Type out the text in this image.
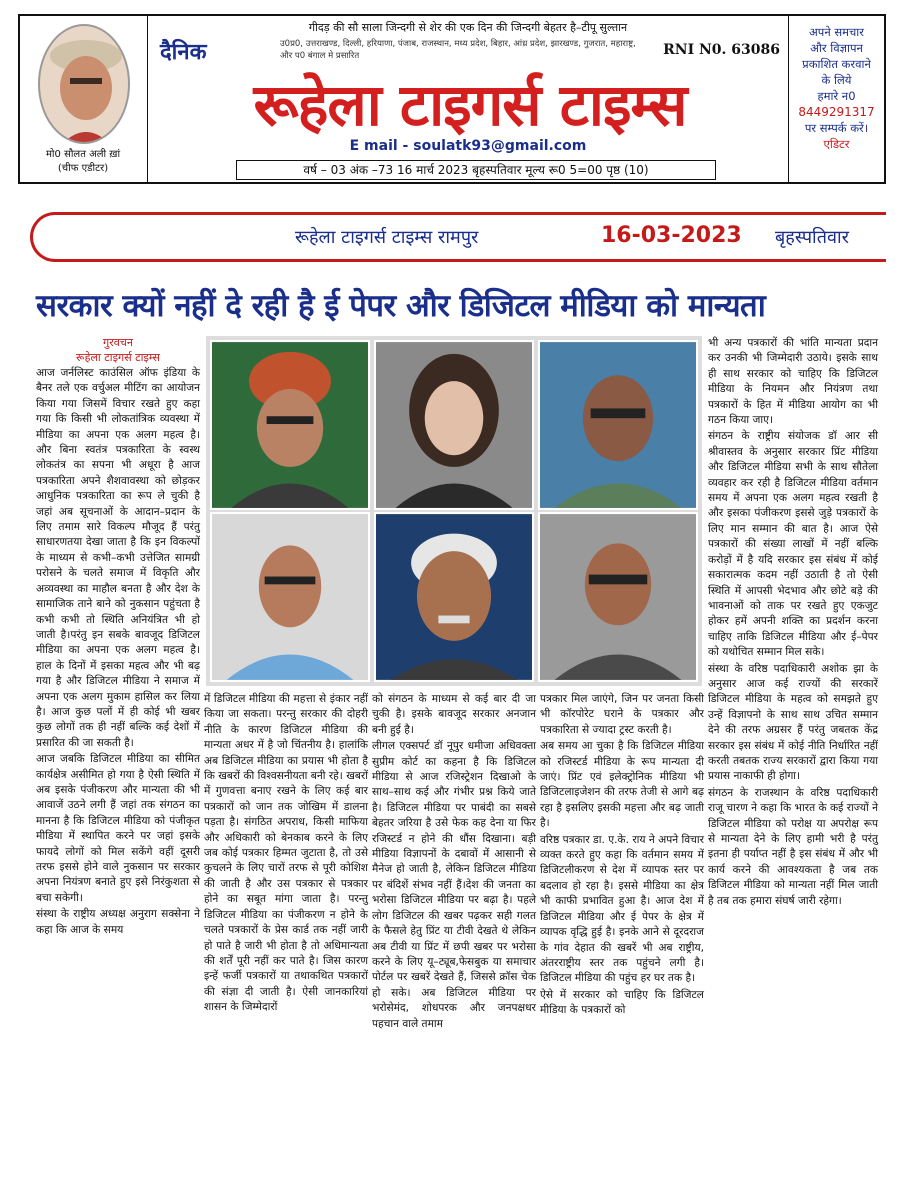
मो0 सौलत अली ख़ां
(चीफ एडीटर)
गीदड़ की सौ साला जिन्दगी से शेर की एक दिन की जिन्दगी बेहतर है–टीपू सुल्तान
दैनिक	उ0प्र0, उत्तराखण्ड, दिल्ली, हरियाणा, पंजाब, राजस्थान, मध्य प्रदेश, बिहार, आंध्र प्रदेश, झारखण्ड, गुजरात, महाराष्ट्र, और प0 बंगाल मे प्रसारित	RNI N0. 63086
रूहेला टाइगर्स टाइम्स
E mail - soulatk93@gmail.com
वर्ष – 03 अंक –73 16 मार्च 2023 बृहस्पतिवार मूल्य रू0 5=00 पृष्ठ (10)
अपने समचार
और विज्ञापन
प्रकाशित करवाने
के लिये
हमारे न0
8449291317
पर सम्पर्क करें।
एडिटर
रूहेला टाइगर्स टाइम्स रामपुर	16-03-2023 बृहस्पतिवार
सरकार क्यों नहीं दे रही है ई पेपर और डिजिटल मीडिया को मान्यता
गुरवचन
रूहेला टाइगर्स टाइम्स

आज जर्नलिस्ट काउंसिल ऑफ इंडिया के बैनर तले एक वर्चुअल मीटिंग का आयोजन किया गया जिसमें विचार रखते हुए कहा गया कि किसी भी लोकतांत्रिक व्यवस्था में मीडिया का अपना एक अलग महत्व है। और बिना स्वतंत्र पत्रकारिता के स्वस्थ लोकतंत्र का सपना भी अधूरा है आज पत्रकारिता अपने शैशवावस्था को छोड़कर आधुनिक पत्रकारिता का रूप ले चुकी है जहां अब सूचनाओं के आदान–प्रदान के लिए तमाम सारे विकल्प मौजूद हैं परंतु साधारणतया देखा जाता है कि इन विकल्पों के माध्यम से कभी–कभी उत्तेजित सामग्री परोसने के चलते समाज में विकृति और अव्यवस्था का माहौल बनता है और देश के सामाजिक ताने बाने को नुकसान पहुंचता है कभी कभी तो स्थिति अनियंत्रित भी हो जाती है।परंतु इन सबके बावजूद डिजिटल मीडिया का अपना एक अलग महत्व है। हाल के दिनों में इसका महत्व और भी बढ़ गया है और डिजिटल मीडिया ने समाज में अपना एक अलग मुकाम हासिल कर लिया है। आज कुछ पलों में ही कोई भी खबर कुछ लोगों तक ही नहीं बल्कि कई देशों में प्रसारित की जा सकती है।

आज जबकि डिजिटल मीडिया का सीमित कार्यक्षेत्र असीमित हो गया है ऐसी स्थिति में अब इसके पंजीकरण और मान्यता की भी आवाजें उठने लगी हैं जहां तक संगठन का मानना है कि डिजिटल मीडिया को पंजीकृत मीडिया में स्थापित करने पर जहां इसके फायदे लोगों को मिल सकेंगे वहीं दूसरी तरफ इससे होने वाले नुकसान पर सरकार अपना नियंत्रण बनाते हुए इसे निरंकुशता से बचा सकेगी।

संस्था के राष्ट्रीय अध्यक्ष अनुराग सक्सेना ने कहा कि आज के समय

में डिजिटल मीडिया की महत्ता से इंकार नहीं किया जा सकता। परन्तु सरकार की दोहरी नीति के कारण डिजिटल मीडिया की मान्यता अधर में है जो चिंतनीय है। हालांकि अब डिजिटल मीडिया का प्रयास भी होता है कि खबरों की विश्वसनीयता बनी रहे। खबरों में गुणवत्ता बनाए रखने के लिए कई बार पत्रकारों को जान तक जोखिम में डालना पड़ता है। संगठित अपराध, किसी माफिया और अधिकारी को बेनकाब करने के लिए जब कोई पत्रकार हिम्मत जुटाता है, तो उसे कुचलने के लिए चारों तरफ से पूरी कोशिश की जाती है और उस पत्रकार से पत्रकार होने का सबूत मांगा जाता है। परन्तु डिजिटल मीडिया का पंजीकरण न होने के चलते पत्रकारों के प्रेस कार्ड तक नहीं जारी हो पाते है जारी भी होता है तो अधिमान्यता की शर्तें पूरी नहीं कर पाते है। जिस कारण इन्हें फर्जी पत्रकारों या तथाकथित पत्रकारों की संज्ञा दी जाती है। ऐसी जानकारियां शासन के जिम्मेदारों

को संगठन के माध्यम से कई बार दी जा चुकी है। इसके बावजूद सरकार अनजान बनी हुई है।

लीगल एक्सपर्ट डॉ नूपुर धमीजा अधिवक्ता सुप्रीम कोर्ट का कहना है कि डिजिटल मीडिया से आज रजिस्ट्रेशन दिखाओ के साथ–साथ कई और गंभीर प्रश्न किये जाते है। डिजिटल मीडिया पर पाबंदी का सबसे बेहतर जरिया है उसे फेक कह देना या फिर रजिस्टर्ड न होने की धौंस दिखाना। बड़ी मीडिया विज्ञापनों के दबावों में आसानी से मैनेज हो जाती है, लेकिन डिजिटल मीडिया पर बंदिशें संभव नहीं हैं।देश की जनता का भरोसा डिजिटल मीडिया पर बढ़ा है। पहले लोग डिजिटल की खबर पढ़कर सही गलत के फैसले हेतु प्रिंट या टीवी देखते थे लेकिन अब टीवी या प्रिंट में छपी खबर पर भरोसा करने के लिए यू–ट्यूब,फेसबुक या समाचार पोर्टल पर खबरें देखते हैं, जिससे क्रॉस चेक हो सके। अब डिजिटल मीडिया पर भरोसेमंद, शोधपरक और जनपक्षधर पहचान वाले तमाम

पत्रकार मिल जाएंगे, जिन पर जनता किसी भी कॉरपोरेट घराने के पत्रकार और पत्रकारिता से ज्यादा ट्रस्ट करती है।

अब समय आ चुका है कि डिजिटल मीडिया को रजिस्टर्ड मीडिया के रूप मान्यता दी जाएं। प्रिंट एवं इलेक्ट्रोनिक मीडिया भी डिजिटलाइजेशन की तरफ तेजी से आगे बढ़ रहा है इसलिए इसकी महत्ता और बढ़ जाती है।

वरिष्ठ पत्रकार डा. ए.के. राय ने अपने विचार व्यक्त करते हुए कहा कि वर्तमान समय में डिजिटलीकरण से देश में व्यापक स्तर पर बदलाव हो रहा है। इससे मीडिया का क्षेत्र भी काफी प्रभावित हुआ है। आज देश में डिजिटल मीडिया और ई पेपर के क्षेत्र में व्यापक वृद्धि हुई है। इनके आने से दूरदराज के गांव देहात की खबरें भी अब राष्ट्रीय, अंतरराष्ट्रीय स्तर तक पहुंचने लगी है। डिजिटल मीडिया की पहुंच हर घर तक है।

ऐसे में सरकार को चाहिए कि डिजिटल मीडिया के पत्रकारों को

भी अन्य पत्रकारों की भांति मान्यता प्रदान कर उनकी भी जिम्मेदारी उठाये। इसके साथ ही साथ सरकार को चाहिए कि डिजिटल मीडिया के नियमन और नियंत्रण तथा पत्रकारों के हित में मीडिया आयोग का भी गठन किया जाए।

संगठन के राष्ट्रीय संयोजक डॉ आर सी श्रीवास्तव के अनुसार सरकार प्रिंट मीडिया और डिजिटल मीडिया सभी के साथ सौतेला व्यवहार कर रही है डिजिटल मीडिया वर्तमान समय में अपना एक अलग महत्व रखती है और इसका पंजीकरण इससे जुड़े पत्रकारों के लिए मान सम्मान की बात है। आज ऐसे पत्रकारों की संख्या लाखों में नहीं बल्कि करोड़ों में है यदि सरकार इस संबंध में कोई सकारात्मक कदम नहीं उठाती है तो ऐसी स्थिति में आपसी भेदभाव और छोटे बड़े की भावनाओं को ताक पर रखते हुए एकजुट होकर हमें अपनी शक्ति का प्रदर्शन करना चाहिए ताकि डिजिटल मीडिया और ई–पेपर को यथोचित सम्मान मिल सके।

संस्था के वरिष्ठ पदाधिकारी अशोक झा के अनुसार आज कई राज्यों की सरकारें डिजिटल मीडिया के महत्व को समझते हुए उन्हें विज्ञापनो के साथ साथ उचित सम्मान देने की तरफ अग्रसर हैं परंतु जबतक केंद्र सरकार इस संबंध में कोई नीति निर्धारित नहीं करती तबतक राज्य सरकारों द्वारा किया गया प्रयास नाकाफी ही होगा।

संगठन के राजस्थान के वरिष्ठ पदाधिकारी राजू चारण ने कहा कि भारत के कई राज्यों ने डिजिटल मीडिया को परोक्ष या अपरोक्ष रूप से मान्यता देने के लिए हामी भरी है परंतु इतना ही पर्याप्त नहीं है इस संबंध में और भी कार्य करने की आवश्यकता है जब तक डिजिटल मीडिया को मान्यता नहीं मिल जाती है तब तक हमारा संघर्ष जारी रहेगा।
